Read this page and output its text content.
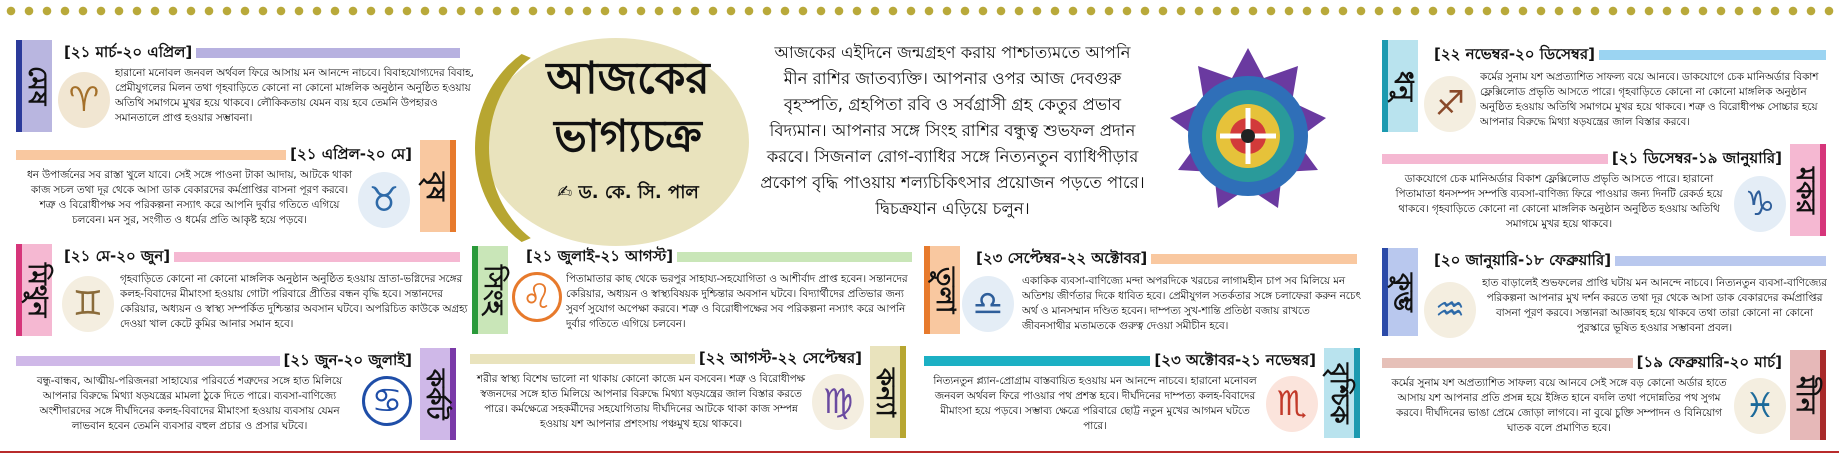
মেষ
[২১ মার্চ-২০ এপ্রিল]
♈
হারানো মনোবল জনবল অর্থবল ফিরে আসায় মন আনন্দে নাচবে। বিবাহযোগ্যদের বিবাহ, প্রেমীযুগলের মিলন তথা গৃহবাড়িতে কোনো না কোনো মাঙ্গলিক অনুষ্ঠান অনুষ্ঠিত হওয়ায় অতিথি সমাগমে মুখর হয়ে থাকবে। লৌকিকতায় যেমন ব্যয় হবে তেমনি উপহারও সমানতালে প্রাপ্ত হওয়ার সম্ভাবনা।
বৃষ
[২১ এপ্রিল-২০ মে]
ধন উপার্জনের সব রাস্তা খুলে যাবে। সেই সঙ্গে পাওনা টাকা আদায়, আটকে থাকা কাজ সচল তথা দূর থেকে আসা ডাক বেকারদের কর্মপ্রাপ্তির বাসনা পূরণ করবে। শত্রু ও বিরোধীপক্ষ সব পরিকল্পনা নস্যাৎ করে আপনি দুর্বার গতিতে এগিয়ে চলবেন। মন সুর, সংগীত ও ধর্মের প্রতি আকৃষ্ট হয়ে পড়বে।	♉
মিথুন
[২১ মে-২০ জুন]
♊
গৃহবাড়িতে কোনো না কোনো মাঙ্গলিক অনুষ্ঠান অনুষ্ঠিত হওয়ায় ভ্রাতা-ভগ্নিদের সঙ্গের কলহ-বিবাদের মীমাংসা হওয়ায় গোটা পরিবারে প্রীতির বন্ধন বৃদ্ধি হবে। সন্তানদের কেরিয়ার, অধ্যয়ন ও স্বাস্থ্য সম্পর্কিত দুশ্চিন্তার অবসান ঘটবে। অপরিচিত কাউকে অগ্রহ্য দেওয়া খাল কেটে কুমির আনার সমান হবে।
কর্কট
[২১ জুন-২০ জুলাই]
বন্ধু-বান্ধব, আত্মীয়-পরিজনরা সাহায্যের পরিবর্তে শত্রুদের সঙ্গে হাত মিলিয়ে আপনার বিরুদ্ধে মিথ্যা ষড়যন্ত্রের মামলা ঠুকে দিতে পারে। ব্যবসা-বাণিজ্যে অংশীদারদের সঙ্গে দীর্ঘদিনের কলহ-বিবাদের মীমাংসা হওয়ায় ব্যবসায় যেমন লাভবান হবেন তেমনি ব্যবসার বহুল প্রচার ও প্রসার ঘটবে।
♋
আজকের
ভাগ্যচক্র
✍ ড. কে. সি. পাল
আজকের এইদিনে জন্মগ্রহণ করায় পাশ্চাত্যমতে আপনি মীন রাশির জাতব্যক্তি। আপনার ওপর আজ দেবগুরু বৃহস্পতি, গ্রহপিতা রবি ও সর্বগ্রাসী গ্রহ কেতুর প্রভাব বিদ্যমান। আপনার সঙ্গে সিংহ রাশির বন্ধুত্ব শুভফল প্রদান করবে। সিজনাল রোগ-ব্যাধির সঙ্গে নিত্যনতুন ব্যাধিপীড়ার প্রকোপ বৃদ্ধি পাওয়ায় শল্যচিকিৎসার প্রয়োজন পড়তে পারে। দ্বিচক্রযান এড়িয়ে চলুন।
সিংহ
[২১ জুলাই-২১ আগস্ট]
♌	পিতামাতার কাছ থেকে ভরপুর সাহায্য-সহযোগিতা ও আশীর্বাদ প্রাপ্ত হবেন। সন্তানদের কেরিয়ার, অধ্যয়ন ও স্বাস্থ্যবিষয়ক দুশ্চিন্তার অবসান ঘটবে। বিদ্যার্থীদের প্রতিভার জন্য সুবর্ণ সুযোগ অপেক্ষা করবে। শত্রু ও বিরোধীপক্ষের সব পরিকল্পনা নস্যাৎ করে আপনি দুর্বার গতিতে এগিয়ে চলবেন।
কন্যা
[২২ আগস্ট-২২ সেপ্টেম্বর]
শরীর স্বাস্থ্য বিশেষ ভালো না থাকায় কোনো কাজে মন বসবেন। শত্রু ও বিরোধীপক্ষ স্বজনদের সঙ্গে হাত মিলিয়ে আপনার বিরুদ্ধে মিথ্যা ষড়যন্ত্রের জাল বিস্তার করতে পারে। কর্মক্ষেত্রে সহকর্মীদের সহযোগিতায় দীর্ঘদিনের আটকে থাকা কাজ সম্পন্ন হওয়ায় যশ আপনার প্রশংসায় পঞ্চমুখ হয়ে থাকবে।
♍
তুলা
[২৩ সেপ্টেম্বর-২২ অক্টোবর]
♎
একাকিক ব্যবসা-বাণিজ্যে মন্দা অপরদিকে খরচের লাগামহীন চাপ সব মিলিয়ে মন অতিশয় জীর্ণতার দিকে ধাবিত হবে। প্রেমীযুগল সতর্কতার সঙ্গে চলাফেরা করুন নচেৎ অর্থ ও মানসম্মান দণ্ডিত হবেন। দাম্পত্য সুখ-শান্তি প্রতিষ্ঠা বজায় রাখতে জীবনসাথীর মতামতকে গুরুত্ব দেওয়া সমীচীন হবে।
বৃশ্চিক
[২৩ অক্টোবর-২১ নভেম্বর]
নিত্যনতুন প্ল্যান-প্রোগ্রাম বাস্তবায়িত হওয়ায় মন আনন্দে নাচবে। হারানো মনোবল জনবল অর্থবল ফিরে পাওয়ার পথ প্রশস্ত হবে। দীর্ঘদিনের দাম্পত্য কলহ-বিবাদের মীমাংসা হয়ে পড়বে। সম্ভাব্য ক্ষেত্রে পরিবারে ছোট্ট নতুন মুখের আগমন ঘটতে পারে।
♏
ধনু
[২২ নভেম্বর-২০ ডিসেম্বর]
♐
কর্মের সুনাম যশ অপ্রত্যাশিত সাফল্য বয়ে আনবে। ডাকযোগে চেক মানিঅর্ডার বিকাশ ফ্লেক্সিলোড প্রভৃতি আসতে পারে। গৃহবাড়িতে কোনো না কোনো মাঙ্গলিক অনুষ্ঠান অনুষ্ঠিত হওয়ায় অতিথি সমাগমে মুখর হয়ে থাকবে। শত্রু ও বিরোধীপক্ষ সোচ্চার হয়ে আপনার বিরুদ্ধে মিথ্যা ষড়যন্ত্রের জাল বিস্তার করবে।
মকর
[২১ ডিসেম্বর-১৯ জানুয়ারি]
ডাকযোগে চেক মানিঅর্ডার বিকাশ ফ্লেক্সিলোড প্রভৃতি আসতে পারে। হারানো পিতামাতা ধনসম্পদ সম্পত্তি ব্যবসা-বাণিজ্য ফিরে পাওয়ার জন্য দিনটি রেকর্ড হয়ে থাকবে। গৃহবাড়িতে কোনো না কোনো মাঙ্গলিক অনুষ্ঠান অনুষ্ঠিত হওয়ায় অতিথি সমাগমে মুখর হয়ে থাকবে।	♑
কুম্ভ
[২০ জানুয়ারি-১৮ ফেব্রুয়ারি]
♒
হাত বাড়ালেই শুভফলের প্রাপ্তি ঘটায় মন আনন্দে নাচবে। নিত্যনতুন ব্যবসা-বাণিজ্যের পরিকল্পনা আপনার মুখ দর্শন করতে তথা দূর থেকে আসা ডাক বেকারদের কর্মপ্রাপ্তির বাসনা পূরণ করবে। সন্তানরা আজ্ঞাবহ হয়ে থাকবে তথা তারা কোনো না কোনো পুরস্কারে ভূষিত হওয়ার সম্ভাবনা প্রবল।
মীন
[১৯ ফেব্রুয়ারি-২০ মার্চ]
কর্মের সুনাম যশ অপ্রত্যাশিত সাফল্য বয়ে আনবে সেই সঙ্গে বড় কোনো অর্ডার হাতে আসায় যশ আপনার প্রতি প্রসন্ন হয়ে ইঙ্গিত হানে বদলি তথা পদোন্নতির পথ সুগম করবে। দীর্ঘদিনের ভাঙা প্রেমে জোড়া লাগবে। না বুঝে চুক্তি সম্পাদন ও বিনিয়োগ ঘাতক বলে প্রমাণিত হবে।
♓
